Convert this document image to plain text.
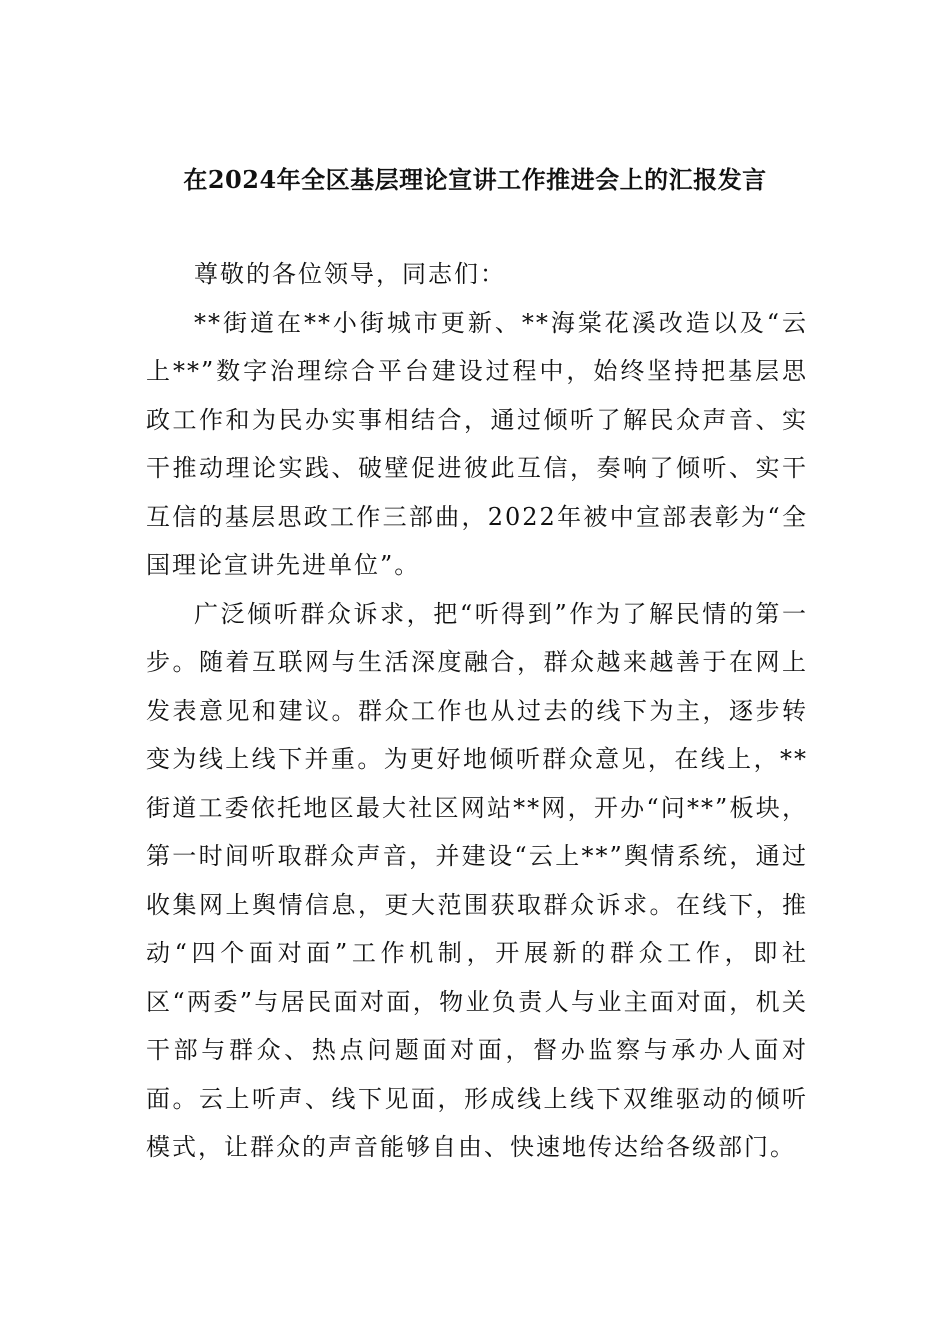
在2024年全区基层理论宣讲工作推进会上的汇报发言

尊敬的各位领导，同志们：

**街道在**小街城市更新、**海棠花溪改造以及“云上**”数字治理综合平台建设过程中，始终坚持把基层思政工作和为民办实事相结合，通过倾听了解民众声音、实干推动理论实践、破壁促进彼此互信，奏响了倾听、实干互信的基层思政工作三部曲，2022年被中宣部表彰为“全国理论宣讲先进单位”。

广泛倾听群众诉求，把“听得到”作为了解民情的第一步。随着互联网与生活深度融合，群众越来越善于在网上发表意见和建议。群众工作也从过去的线下为主，逐步转变为线上线下并重。为更好地倾听群众意见，在线上，**街道工委依托地区最大社区网站**网，开办“问**”板块，第一时间听取群众声音，并建设“云上**”舆情系统，通过收集网上舆情信息，更大范围获取群众诉求。在线下，推动“四个面对面”工作机制，开展新的群众工作，即社区“两委”与居民面对面，物业负责人与业主面对面，机关干部与群众、热点问题面对面，督办监察与承办人面对面。云上听声、线下见面，形成线上线下双维驱动的倾听模式，让群众的声音能够自由、快速地传达给各级部门。
